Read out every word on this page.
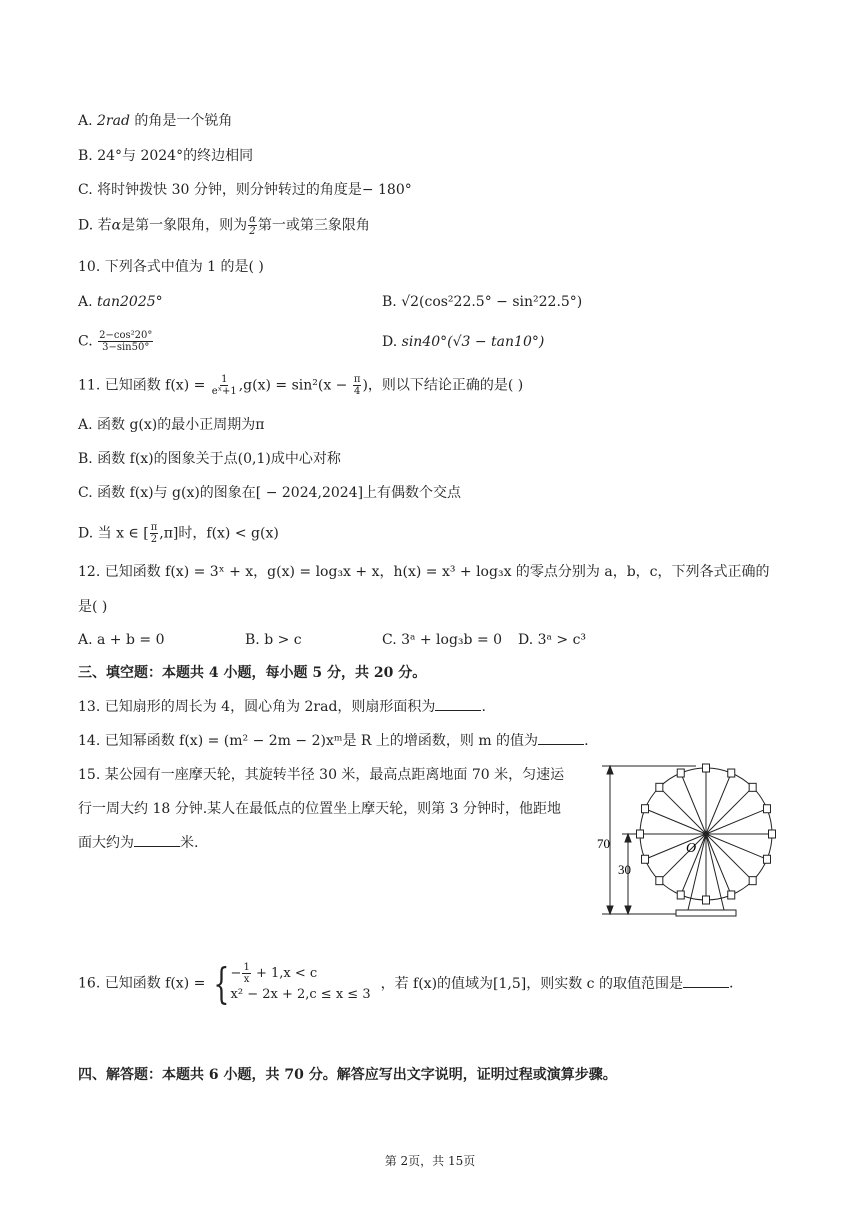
A. 2rad 的角是一个锐角
B. 24°与 2024°的终边相同
C. 将时钟拨快 30 分钟，则分钟转过的角度是− 180°
D. 若α是第一象限角，则为 $\frac{\alpha}{2}$ 第一或第三象限角
10. 下列各式中值为 1 的是( )
A. tan2025°	B. √2(cos²22.5° − sin²22.5°)
C. $\frac{\text{2−cos²20°}}{3-\sin 50^\circ}$	D. sin40°(√3 − tan10°)
11. 已知函数 $f(x) = \frac{1}{\text{eˣ+1}} ,g(x) = \sin^2(x - \frac{\pi}{4}$ )，则以下结论正确的是( )
A. 函数 g(x)的最小正周期为π
B. 函数 f(x)的图象关于点(0,1)成中心对称
C. 函数 f(x)与 g(x)的图象在[ − 2024,2024]上有偶数个交点
D. 当 x ∈ [ $\frac{\pi}{2} ,\pi$]时，f(x) < g(x)
12. 已知函数 f(x) = 3ˣ + x，g(x) = log₃x + x，h(x) = x³ + log₃x 的零点分别为 a，b，c，下列各式正确的
是( )
A. a + b = 0	B. b > c	C. 3ᵃ + log₃b = 0 D. 3ᵃ > c³
三、填空题：本题共 4 小题，每小题 5 分，共 20 分。
13. 已知扇形的周长为 4，圆心角为 2rad，则扇形面积为	.
14. 已知幂函数 f(x) = (m² − 2m − 2)xᵐ是 R 上的增函数，则 m 的值为	.
15. 某公园有一座摩天轮，其旋转半径 30 米，最高点距离地面 70 米，匀速运
行一周大约 18 分钟.某人在最低点的位置坐上摩天轮，则第 3 分钟时，他距地
面大约为	米.	70
30
O
16. 已知函数 f(x) = { − $\frac{1}{x} + 1,x < c$
x² − 2x + 2,c ≤ x ≤ 3
，若 f(x)的值域为[1,5]，则实数 c 的取值范围是	.
四、解答题：本题共 6 小题，共 70 分。解答应写出文字说明，证明过程或演算步骤。
第 2页，共 15页
